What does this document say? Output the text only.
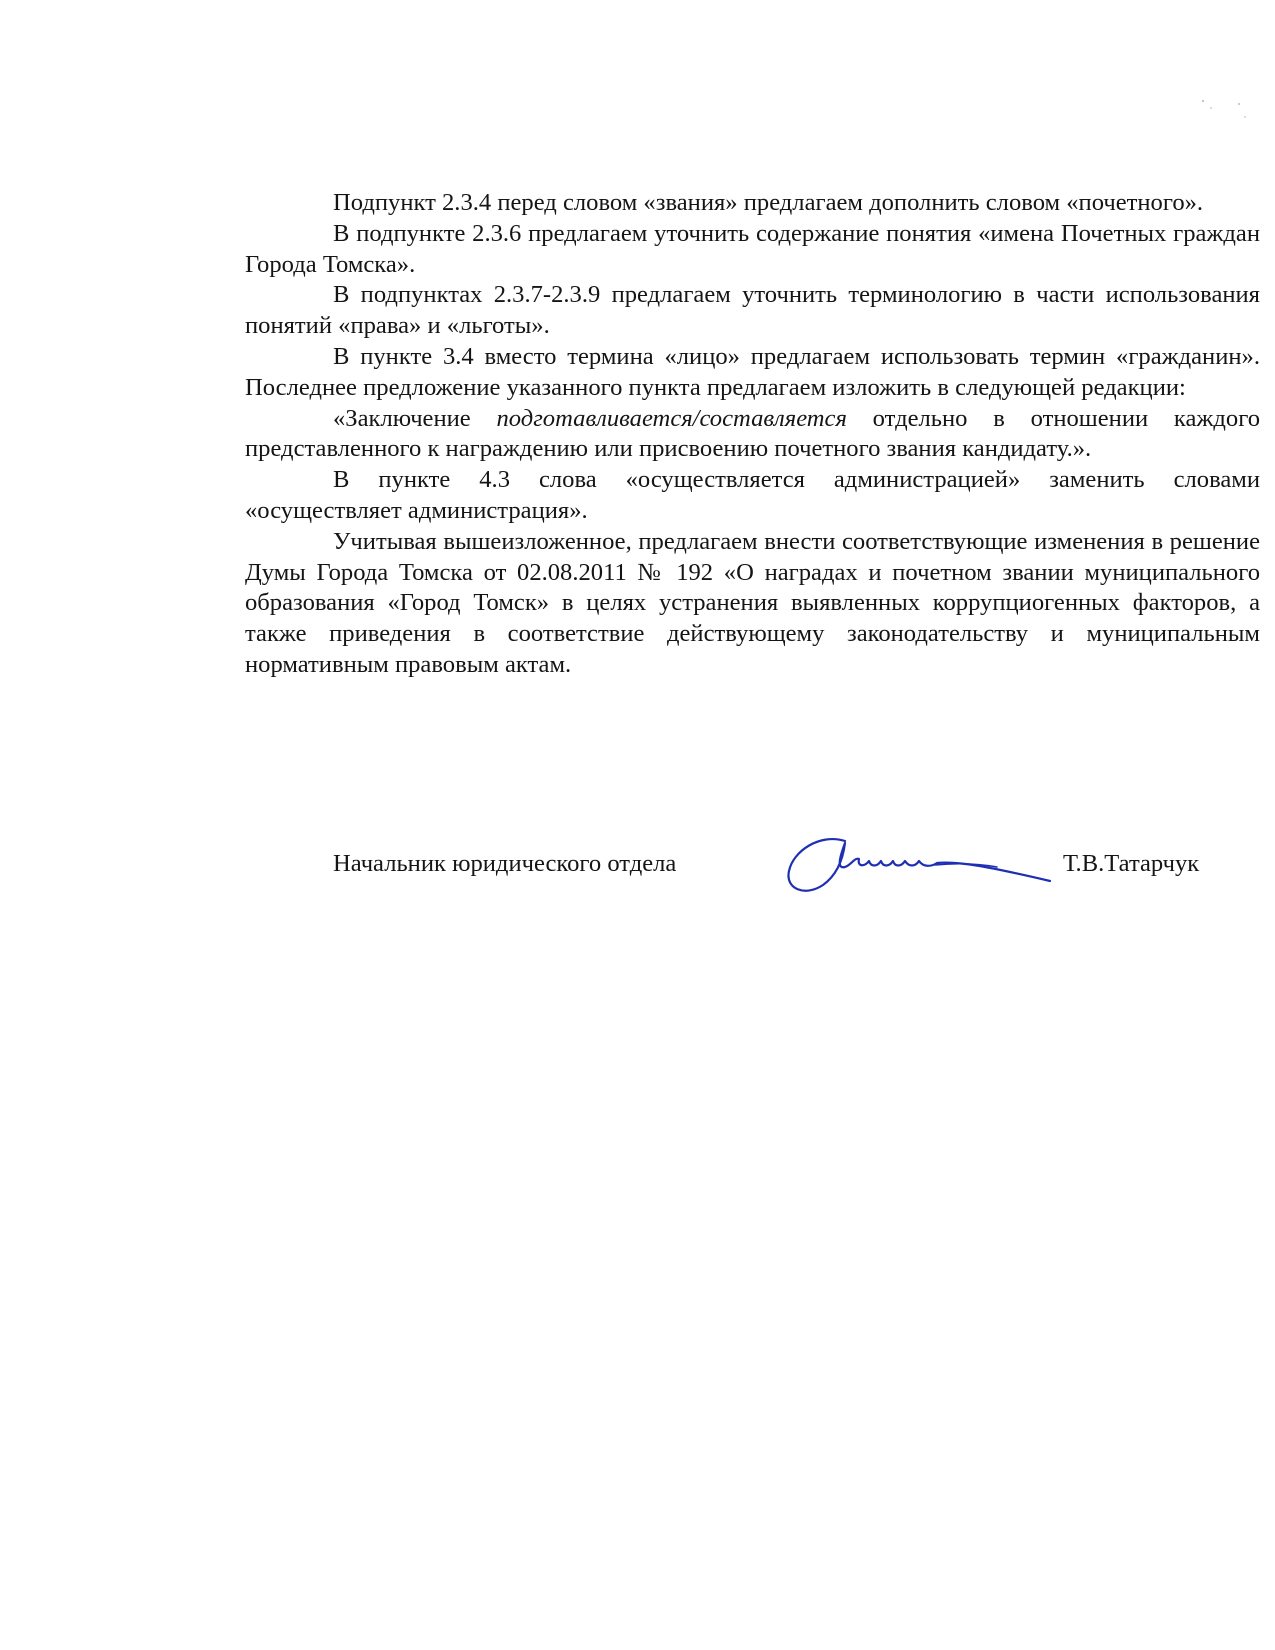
Подпункт 2.3.4 перед словом «звания» предлагаем дополнить словом «почетного».

В подпункте 2.3.6 предлагаем уточнить содержание понятия «имена Почетных граждан Города Томска».

В подпунктах 2.3.7-2.3.9 предлагаем уточнить терминологию в части использования понятий «права» и «льготы».

В пункте 3.4 вместо термина «лицо» предлагаем использовать термин «гражданин». Последнее предложение указанного пункта предлагаем изложить в следующей редакции:

«Заключение подготавливается/составляется отдельно в отношении каждого представленного к награждению или присвоению почетного звания кандидату.».

В пункте 4.3 слова «осуществляется администрацией» заменить словами «осуществляет администрация».

Учитывая вышеизложенное, предлагаем внести соответствующие изменения в решение Думы Города Томска от 02.08.2011 № 192 «О наградах и почетном звании муниципального образования «Город Томск» в целях устранения выявленных коррупциогенных факторов, а также приведения в соответствие действующему законодательству и муниципальным нормативным правовым актам.

Начальник юридического отдела	Т.В.Татарчук
